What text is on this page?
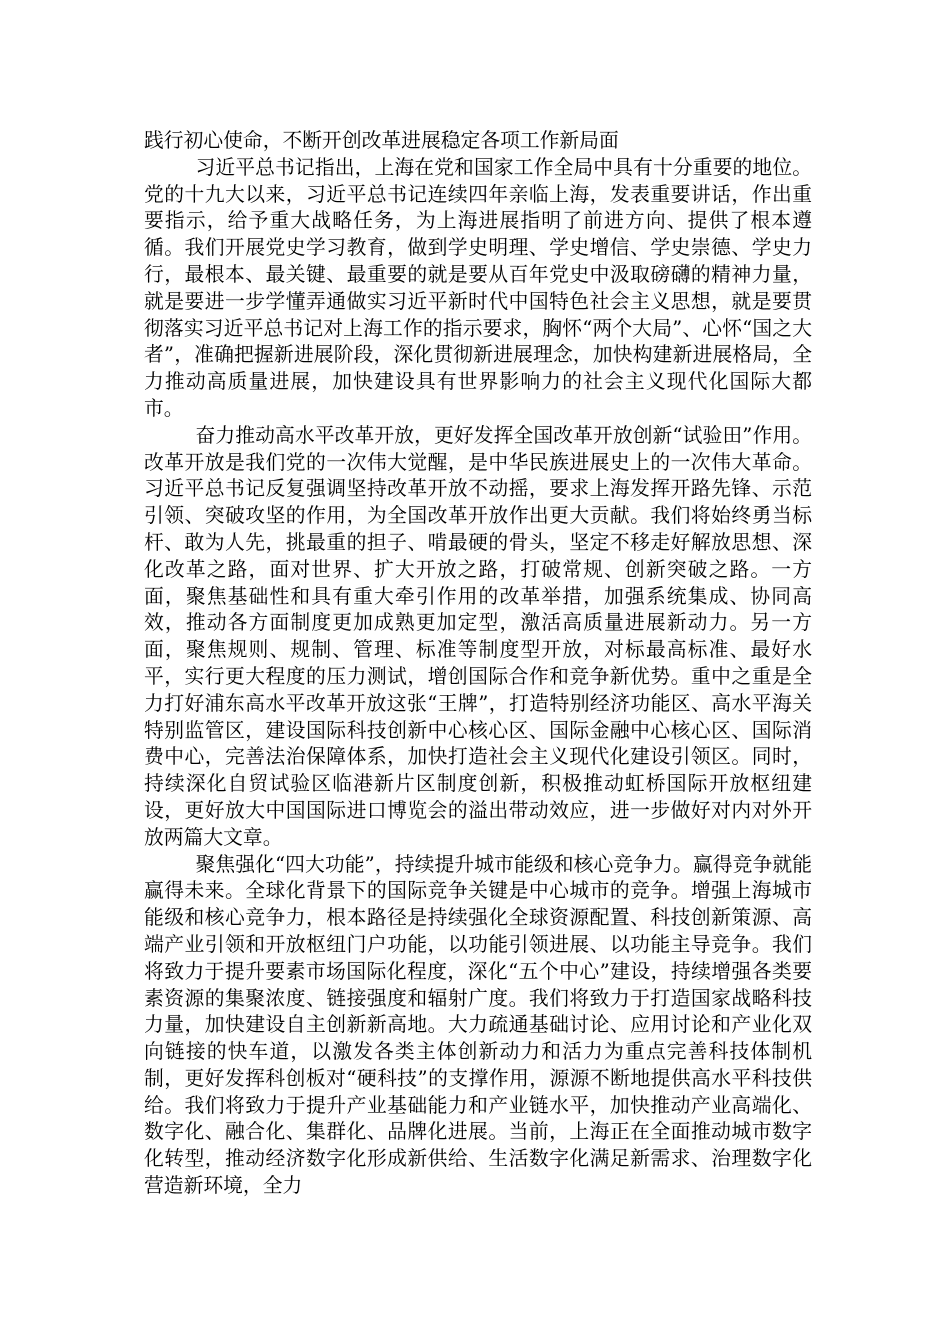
践行初心使命，不断开创改革进展稳定各项工作新局面

习近平总书记指出，上海在党和国家工作全局中具有十分重要的地位。党的十九大以来，习近平总书记连续四年亲临上海，发表重要讲话，作出重要指示，给予重大战略任务，为上海进展指明了前进方向、提供了根本遵循。我们开展党史学习教育，做到学史明理、学史增信、学史崇德、学史力行，最根本、最关键、最重要的就是要从百年党史中汲取磅礴的精神力量，就是要进一步学懂弄通做实习近平新时代中国特色社会主义思想，就是要贯彻落实习近平总书记对上海工作的指示要求，胸怀“两个大局”、心怀“国之大者”，准确把握新进展阶段，深化贯彻新进展理念，加快构建新进展格局，全力推动高质量进展，加快建设具有世界影响力的社会主义现代化国际大都市。

奋力推动高水平改革开放，更好发挥全国改革开放创新“试验田”作用。改革开放是我们党的一次伟大觉醒，是中华民族进展史上的一次伟大革命。习近平总书记反复强调坚持改革开放不动摇，要求上海发挥开路先锋、示范引领、突破攻坚的作用，为全国改革开放作出更大贡献。我们将始终勇当标杆、敢为人先，挑最重的担子、啃最硬的骨头，坚定不移走好解放思想、深化改革之路，面对世界、扩大开放之路，打破常规、创新突破之路。一方面，聚焦基础性和具有重大牵引作用的改革举措，加强系统集成、协同高效，推动各方面制度更加成熟更加定型，激活高质量进展新动力。另一方面，聚焦规则、规制、管理、标准等制度型开放，对标最高标准、最好水平，实行更大程度的压力测试，增创国际合作和竞争新优势。重中之重是全力打好浦东高水平改革开放这张“王牌”，打造特别经济功能区、高水平海关特别监管区，建设国际科技创新中心核心区、国际金融中心核心区、国际消费中心，完善法治保障体系，加快打造社会主义现代化建设引领区。同时，持续深化自贸试验区临港新片区制度创新，积极推动虹桥国际开放枢纽建设，更好放大中国国际进口博览会的溢出带动效应，进一步做好对内对外开放两篇大文章。

聚焦强化“四大功能”，持续提升城市能级和核心竞争力。赢得竞争就能赢得未来。全球化背景下的国际竞争关键是中心城市的竞争。增强上海城市能级和核心竞争力，根本路径是持续强化全球资源配置、科技创新策源、高端产业引领和开放枢纽门户功能，以功能引领进展、以功能主导竞争。我们将致力于提升要素市场国际化程度，深化“五个中心”建设，持续增强各类要素资源的集聚浓度、链接强度和辐射广度。我们将致力于打造国家战略科技力量，加快建设自主创新新高地。大力疏通基础讨论、应用讨论和产业化双向链接的快车道，以激发各类主体创新动力和活力为重点完善科技体制机制，更好发挥科创板对“硬科技”的支撑作用，源源不断地提供高水平科技供给。我们将致力于提升产业基础能力和产业链水平，加快推动产业高端化、数字化、融合化、集群化、品牌化进展。当前，上海正在全面推动城市数字化转型，推动经济数字化形成新供给、生活数字化满足新需求、治理数字化营造新环境，全力
